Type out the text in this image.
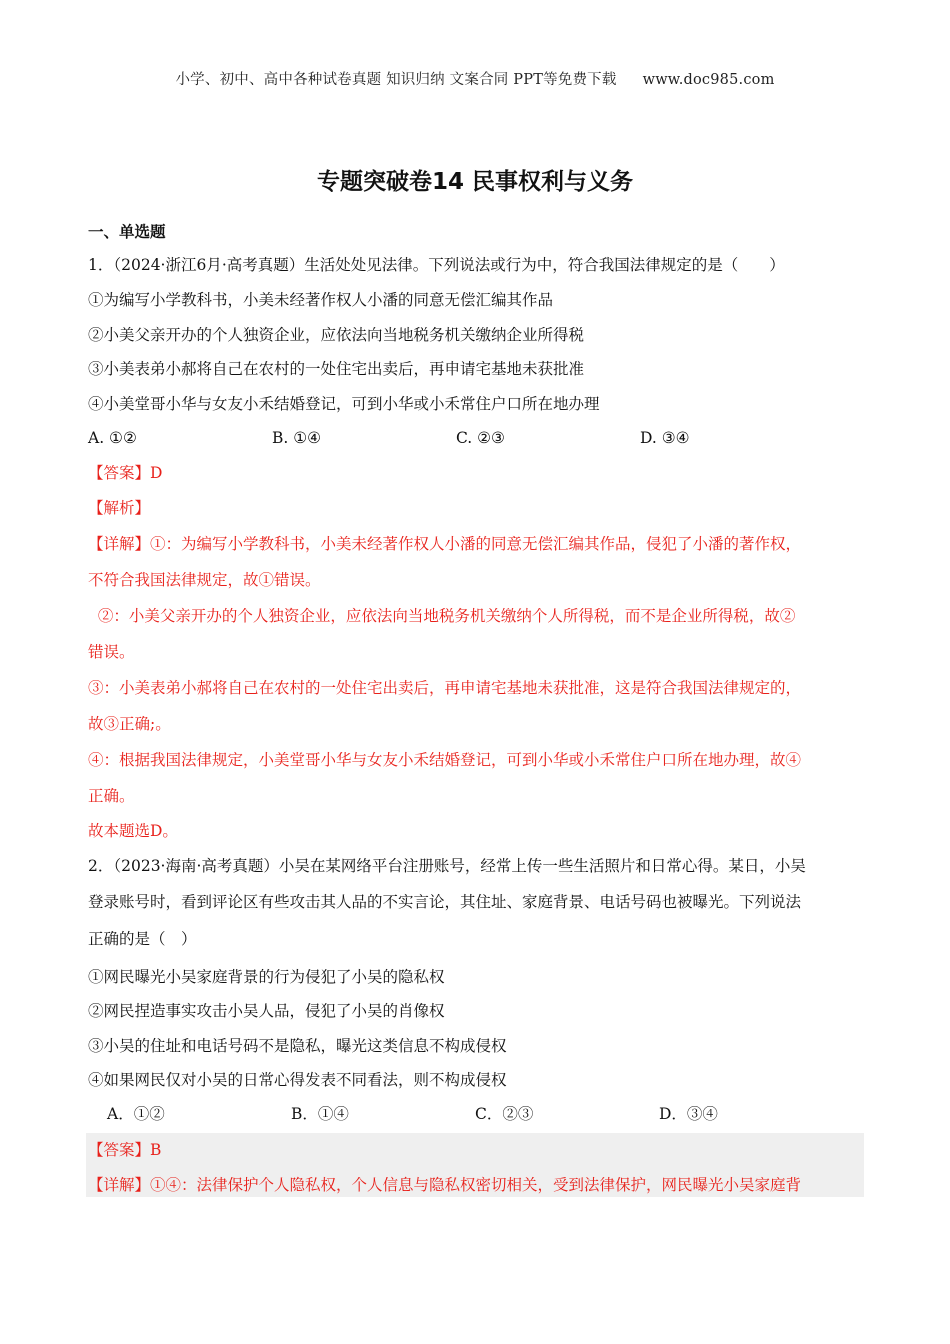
小学、初中、高中各种试卷真题 知识归纳 文案合同 PPT等免费下载 www.doc985.com
专题突破卷14 民事权利与义务
一、单选题
1．（2024·浙江6月·高考真题）生活处处见法律。下列说法或行为中，符合我国法律规定的是（　　）
①为编写小学教科书，小美未经著作权人小潘的同意无偿汇编其作品
②小美父亲开办的个人独资企业，应依法向当地税务机关缴纳企业所得税
③小美表弟小郝将自己在农村的一处住宅出卖后，再申请宅基地未获批准
④小美堂哥小华与女友小禾结婚登记，可到小华或小禾常住户口所在地办理
A. ①②	B. ①④	C. ②③	D. ③④
【答案】D
【解析】
【详解】①：为编写小学教科书，小美未经著作权人小潘的同意无偿汇编其作品，侵犯了小潘的著作权，
不符合我国法律规定，故①错误。
②：小美父亲开办的个人独资企业，应依法向当地税务机关缴纳个人所得税，而不是企业所得税，故②
错误。
③：小美表弟小郝将自己在农村的一处住宅出卖后，再申请宅基地未获批准，这是符合我国法律规定的，
故③正确;。
④：根据我国法律规定，小美堂哥小华与女友小禾结婚登记，可到小华或小禾常住户口所在地办理，故④
正确。
故本题选D。
2．（2023·海南·高考真题）小吴在某网络平台注册账号，经常上传一些生活照片和日常心得。某日，小吴
登录账号时，看到评论区有些攻击其人品的不实言论，其住址、家庭背景、电话号码也被曝光。下列说法
正确的是（　）
①网民曝光小吴家庭背景的行为侵犯了小吴的隐私权
②网民捏造事实攻击小吴人品，侵犯了小吴的肖像权
③小吴的住址和电话号码不是隐私，曝光这类信息不构成侵权
④如果网民仅对小吴的日常心得发表不同看法，则不构成侵权
A．①②	B．①④	C．②③	D．③④
【答案】B
【详解】①④：法律保护个人隐私权，个人信息与隐私权密切相关，受到法律保护，网民曝光小吴家庭背
